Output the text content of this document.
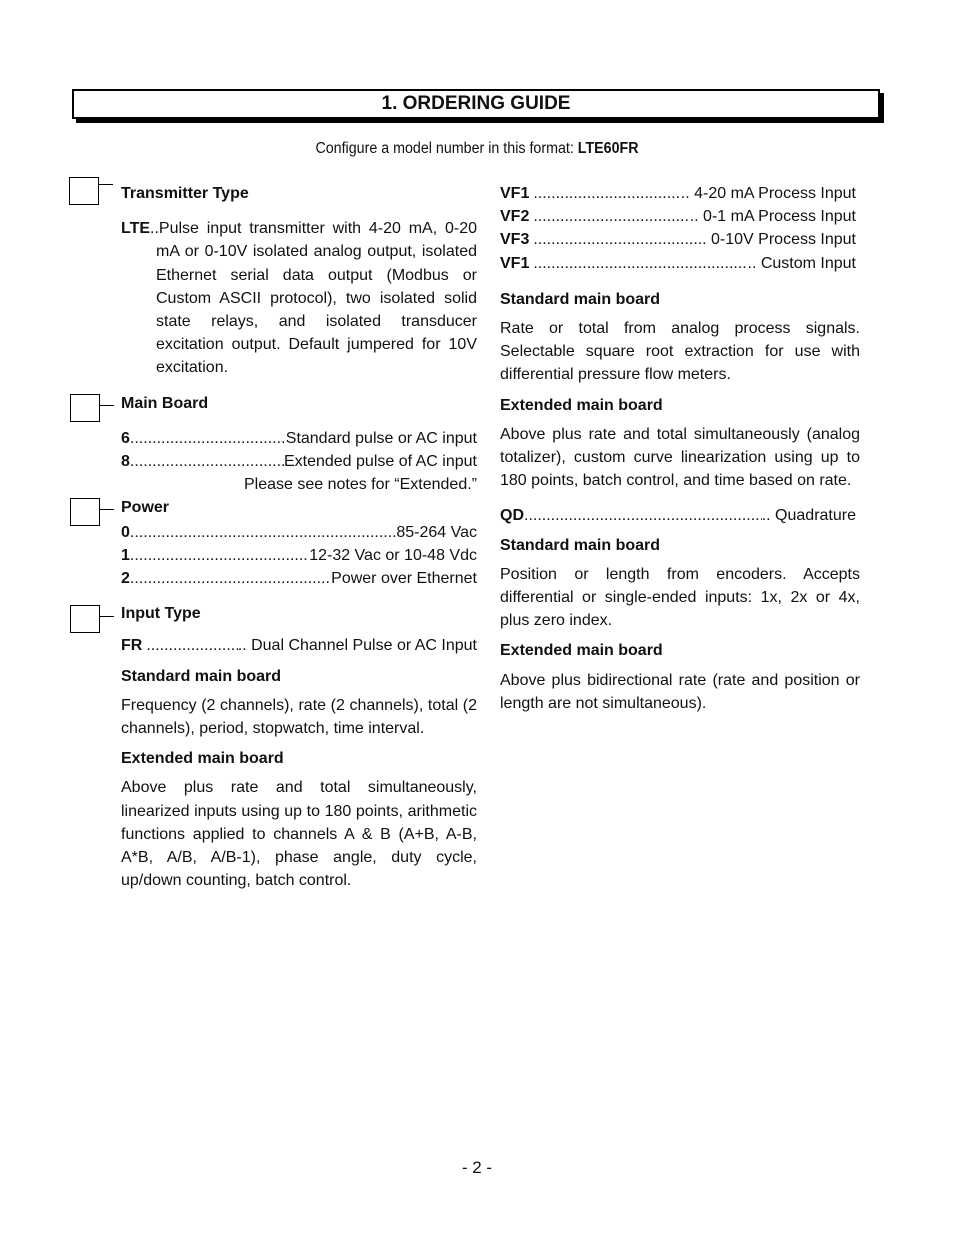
1. ORDERING GUIDE
Configure a model number in this format: LTE60FR
Transmitter Type
LTE..Pulse input transmitter with 4-20 mA, 0-20 mA or 0-10V isolated analog output, isolated Ethernet serial data output (Modbus or Custom ASCII protocol), two isolated solid state relays, and isolated transducer excitation output. Default jumpered for 10V excitation.
Main Board
6 .....	Standard pulse or AC input
8 .....	Extended pulse of AC input
Please see notes for “Extended.”
Power
0 .....	85-264 Vac
1 .....	12-32 Vac or 10-48 Vdc
2 .....	Power over Ethernet
Input Type
FR .....	.. Dual Channel Pulse or AC Input
Standard main board
Frequency (2 channels), rate (2 channels), total (2 channels), period, stopwatch, time interval.
Extended main board
Above plus rate and total simultaneously, linearized inputs using up to 180 points, arithmetic functions applied to channels A & B (A+B, A-B, A*B, A/B, A/B-1), phase angle, duty cycle, up/down counting, batch control.
VF1 .....	.. 4-20 mA Process Input
VF2 .....	.. 0-1 mA Process Input
VF3 .....	.. 0-10V Process Input
VF1 .....	.. Custom Input
Standard main board
Rate or total from analog process signals. Selectable square root extraction for use with differential pressure flow meters.
Extended main board
Above plus rate and total simultaneously (analog totalizer), custom curve linearization using up to 180 points, batch control, and time based on rate.
QD .....	.. Quadrature
Standard main board
Position or length from encoders. Accepts differential or single-ended inputs: 1x, 2x or 4x, plus zero index.
Extended main board
Above plus bidirectional rate (rate and position or length are not simultaneous).
- 2 -
